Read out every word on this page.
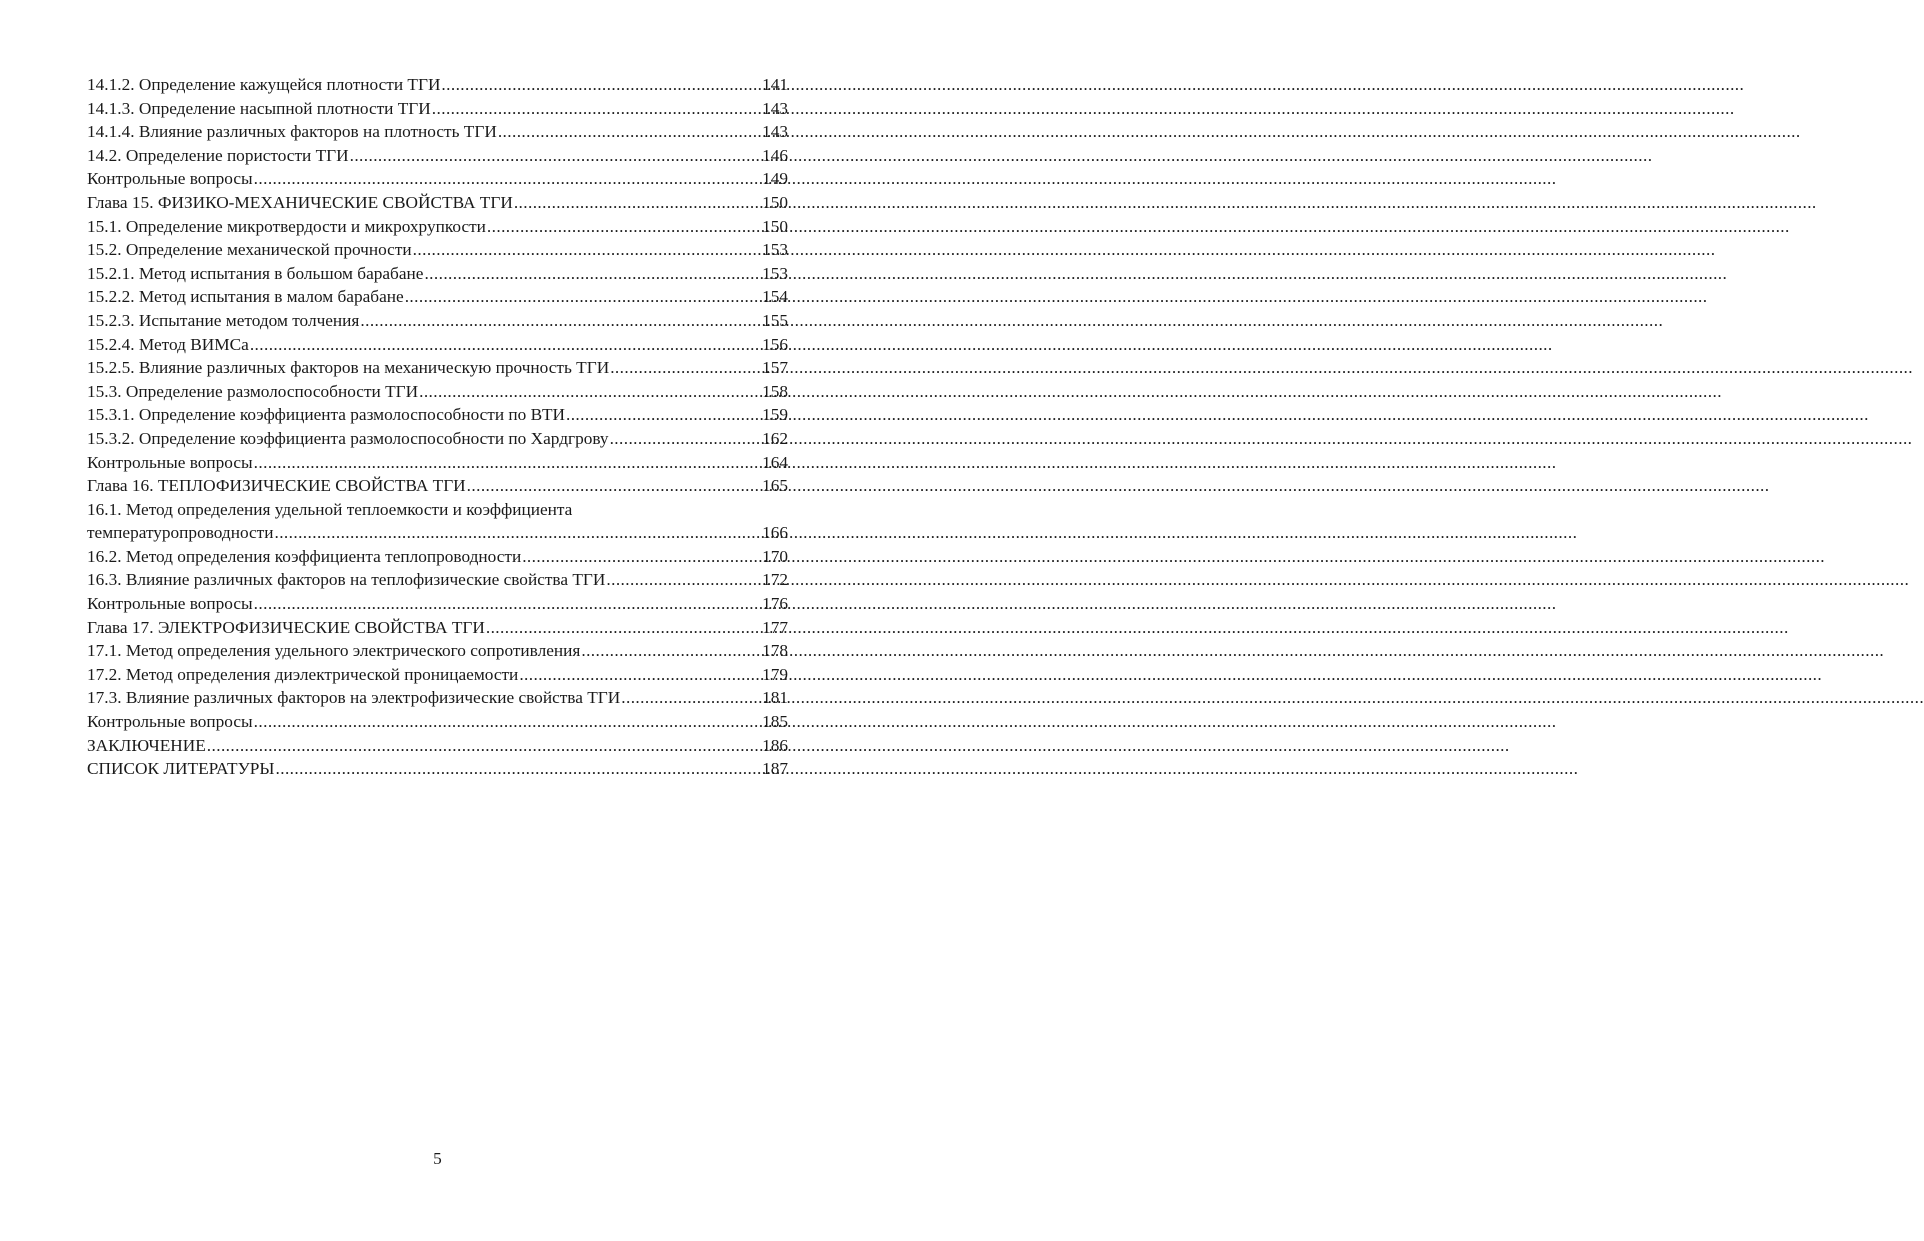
14.1.2. Определение кажущейся плотности ТГИ .....	141
14.1.3. Определение насыпной плотности ТГИ .....	143
14.1.4. Влияние различных факторов на плотность ТГИ .....	143
14.2. Определение пористости ТГИ .....	146
Контрольные вопросы .....	149
Глава 15. ФИЗИКО-МЕХАНИЧЕСКИЕ СВОЙСТВА ТГИ .....	150
15.1. Определение микротвердости и микрохрупкости .....	150
15.2. Определение механической прочности .....	153
15.2.1. Метод испытания в большом барабане .....	153
15.2.2. Метод испытания в малом барабане .....	154
15.2.3. Испытание методом толчения .....	155
15.2.4. Метод ВИМСа .....	156
15.2.5. Влияние различных факторов на механическую прочность ТГИ .....	157
15.3. Определение размолоспособности ТГИ .....	158
15.3.1. Определение коэффициента размолоспособности по ВТИ .....	159
15.3.2. Определение коэффициента размолоспособности по Хардгрову .....	162
Контрольные вопросы .....	164
Глава 16. ТЕПЛОФИЗИЧЕСКИЕ СВОЙСТВА ТГИ .....	165
16.1. Метод определения удельной теплоемкости и коэффициента
температуропроводности .....	166
16.2. Метод определения коэффициента теплопроводности .....	170
16.3. Влияние различных факторов на теплофизические свойства ТГИ .....	172
Контрольные вопросы .....	176
Глава 17. ЭЛЕКТРОФИЗИЧЕСКИЕ СВОЙСТВА ТГИ .....	177
17.1. Метод определения удельного электрического сопротивления .....	178
17.2. Метод определения диэлектрической проницаемости .....	179
17.3. Влияние различных факторов на электрофизические свойства ТГИ .....	181
Контрольные вопросы .....	185
ЗАКЛЮЧЕНИЕ .....	186
СПИСОК ЛИТЕРАТУРЫ .....	187
5
